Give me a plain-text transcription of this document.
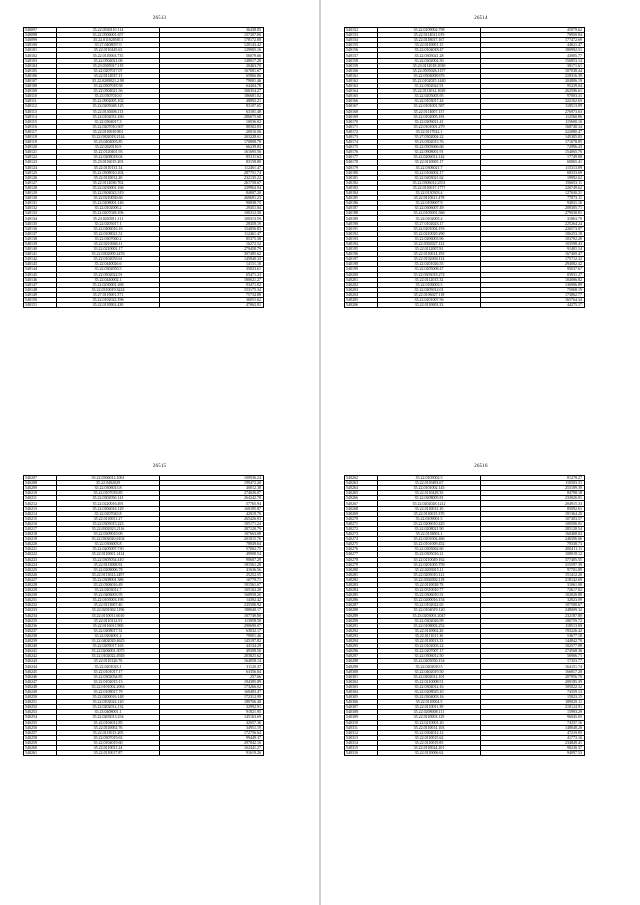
26513
540097	35.22.0540110 114	36438.85
540098	35.22.0506001.657	157207.06
540099	35.22.0110205013	178172.08
540100	35.27.0408057.0	120143.42
540101	35.22.0110445.63	129905.16
540102	35.22.0110003.735	56079.66
540103	35.22.0504021.06	148017.28
540104	35.23.0305017.119	20463.70
540105	35.22.0207017.07	167681.67
540106	35.22.0112037.13	65866.86
540107	35.22.0209021.2.90	79001.46
540108	35.22.0507018.58	64404.78
540109	35.22.0504021.56	166354.27
540110	35.23.0307010.0	186681.02
540111	35.22.0902005.102	48892.21
540112	35.22.0205048.125	83107.65
540113	35.22.0130406.113	63181.48
540114	35.22.0102031.430	286675.68
540115	35.22.0304017.3	10036.02
540116	35.22.0207010.307	88302.83
540117	35.22.0110010.801	20016.06
540118	35.22.0302018.2144	203228.61
540119	35.23.0404003.85	170808.78
540120	35.22.0420116.9	66239.83
540121	35.22.0120401.93	161695.56
540122	35.22.0208018.04	85311.63
540123	35.23.0116015.203	83158.80
540124	35.22.0110131.14	112461.47
540125	35.22.0508010.204	287751.74
540126	35.22.0110012.20	232135.22
540127	35.22.0112030.702	261758.67
540128	35.22.0230001.166	239964.94
540129	35.22.0304023.319	84007.20
540130	35.22.0210030.60	260691.23
540131	35.22.0208001.146	90838.75
540132	35.22.0102006.2	29451.84
540133	35.22.0207028.106	100312.58
540134	35.23.0203011.111	100313.59
540135	35.22.0205017.1	28458.19
540136	35.22.0406016.16	154056.83
540137	35.22.0108021.51	112461.47
540138	35.22.0307060.2	85375.38
540139	35.22.0210046.11	16272.52
540140	35.22.0210001.17	279458.79
540141	35.22.0302009.2476	307485.62
540142	35.22.0102033.61	145840.33
540143	35.22.0440026.6	14151.10
540144	35.22.0302050.5	35823.61
540145	35.22.0502022.91	65471.23
540146	35.22.0440002.1	180021.27
540147	35.22.0230001.268	93471.02
540148	35.22.0310019.3224	153175.34
540149	35.27.0115001.571	75734.88
540150	35.22.0102022.196	36051.62
540151	35.22.0110002.430	47062.81
26515
540207	35.22.0306012.1061	100936.24
540208	35.22.0402029	199472.20
540209	35.22.0306013.8	40012.38
540210	35.22.0107018.85	274026.07
540211	35.22.0302056.141	264242.78
540212	35.22.0220016.491	57765.94
540213	35.22.0306016.129	160185.87
540214	35.22.0207043.8	42019.70
540215	35.22.0110051.27	265426.93
540216	35.22.0305015.223	105171.24
540217	35.22.0302023.2116	287120.79
540218	35.22.0309010.09	107663.08
540219	35.22.0302020.6104	201015.76
540220	35.22.0306003.8	78849.64
540221	35.22.0205007.730	57002.75
540222	35.22.0110001.1414	49908.54
540223	35.22.0305054.410	90607.29
540224	35.22.0113008.92	181561.28
540225	35.22.0208006.78	41636.56
540226	35.22.0113023.2497	25252.55
540227	35.22.0308001.386	16779.71
540228	35.22.0306016.49	191561.67
540229	35.22.0203012.7	165102.28
540230	35.22.0406003.95	160958.26
540231	35.22.0105003.196	14392.42
540232	35.22.0113007.40	235500.92
540233	35.22.0201002.1196	188040.17
540234	35.22.0110011.6010	107749.80
540235	35.22.0110112.91	113958.50
540236	35.22.0116011.900	290690.07
540237	35.22.0208017.31	63032.17
540238	35.22.0204001.2	79001.46
540239	35.22.0402029.4625	145197.82
540240	35.22.0205017.165	44134.29
540241	35.22.0206001.3075	49308.56
540242	35.22.0102022.4926	203825.62
540243	35.22.0110126.76	164058.14
540244	35.22.0201023.1	31120.37
540245	35.22.0101017.17	63356.84
540246	35.22.0302034.85	257.66
540247	35.22.0102015.13	194385.89
540248	35.22.0101002.2063	173266.02
540249	35.22.0108017.79	160483.47
540250	35.22.0200016.148	172312.99
540251	35.22.0102022.120	180766.40
540252	35.22.0202012.132	32992.91
540253	35.23.0408001.1	91821.95
540254	35.22.0203013.254	145163.69
540255	35.22.0104012.85	42657.36
540256	35.22.0110002.76	34951.19
540257	35.22.0113013.205	172756.64
540258	35.22.0307019.63	99449.37
540259	35.22.0104019.60	297842.16
540260	35.22.0110011.24	162441.27
540261	35.22.0110017.87	91619.26
26514
540152	35.22.0109002.798	45979.62
540153	35.22.0114021.019	70950.84
540154	35.22.0118037.167	177472.69
540155	35.22.0110001.15	44621.47
540156	35.22.0104018.47	180992.51
540157	35.22.0305021.28	43005.77
540158	35.22.0302002.50	156853.14
540159	35.23.0112018.2030	30171.61
540160	35.22.0505026.1157	107038.44
540161	35.22.0504008.676	218316.39
540162	35.22.0102025.1440	204806.19
540163	35.22.0302022.91	95239.04
540164	35.22.0113012.1029	262596.61
540165	35.22.0205003.95	97003.31
540166	35.22.0103017.44	322162.65
540167	35.22.0101001.587	118513.09
540168	35.22.0114007.137	276973.63
540169	35.22.0102005.181	112560.86
540170	35.22.0209021.41	115600.16
540171	35.22.0101001.279	168748.34
540172	35.22.0117022.1	222080.47
540173	35.27.0302004.22	145305.83
540174	35.23.0302015.76	171678.85
540175	35.22.0505066.66	72996.43
540176	35.22.0908001.91	154065.76
540177	35.22.0206012.142	17749.88
540178	35.22.0110005.17	60065.41
540179	35.22.0306021.7	115313.09
540180	35.22.0106002.17	68333.69
540181	35.22.0203021.62	19992.62
540182	35.22.0306012.2551	156653.11
540183	35.22.0110017.1777	226749.62
540184	35.22.0130303.4	127630.21
540185	35.22.0110611.478	77073.11
540186	35.22.0109007.9	94031.16
540187	35.22.0306007.49	208305.71
540188	35.22.0105001.566	279038.81
540189	35.22.0102005.2	31863.79
540190	35.27.0102023.17	225264.24
540191	35.22.0201004.193	226573.97
540192	35.22.0210029.290	106253.18
540193	35.22.0206003.96	103702.28
540194	35.22.0302027.112	103598.43
540195	35.22.0112007.81	91401.14
540196	35.22.0110014.193	167469.47
540197	35.22.0102004.114	175712.32
540198	35.22.0201026.55	294082.42
540199	35.22.0205008.47	95037.67
540200	35.22.0303018.274	83931.27
540201	35.22.0112015.32	104086.82
540202	35.22.0106003.5	136906.89
540203	35.22.0205012.01	75068.19
540204	35.22.0106027.118	173862.77
540205	35.22.0201007.56	165764.34
540206	35.22.0110003.33	44275.17
26516
540262	35.22.0105002.5	81278.27
540263	35.22.0110483.67	110503.31
540264	35.22.0101002.145	253189.39
540265	35.22.0110429.35	84798.18
540266	35.22.0208005.81	233026.81
540267	35.22.0202028.1212	204915.33
540268	35.22.0110013.10	85092.61
540269	35.22.0110015.370	191364.20
540270	35.22.0109001.5	107403.57
540271	35.22.0206010.425	100506.91
540272	35.22.0208021.90	285120.54
540273	35.22.0118003.1	160468.03
540274	35.22.0201004.466	246506.06
540275	35.22.0101009.452	78338.73
540276	35.22.0305062.60	200411.11
540277	35.22.0305016.21	108018.12
540278	35.22.0210049.162	377405.55
540279	35.22.0201005.759	315597.39
540280	35.22.0203015.11	97701.89
540281	35.22.0205010.121	151412.20
540282	35.22.0302002.118	218142.69
540283	35.22.0110028.78	31061.08
540284	35.22.0310010.77	72617.82
540285	35.22.0306010.31	102020.88
540286	35.22.0200016.154	32023.09
540287	35.22.0102022.65	107580.67
540288	35.22.0104019.120	248009.32
540289	35.23.0203001.2047	232187.80
540290	35.22.0302026.99	106759.72
540291	35.22.0108002.252	118513.09
540292	35.22.0110002.26	193226.42
540293	35.22.0111011.30	53677.18
540294	35.22.0110013.33	144842.70
540295	35.22.0102003.22	102577.88
540296	35.22.0207007.17	274568.36
540297	35.22.0306012.50	56906.71
540298	35.22.0205050.154	17353.77
540299	35.22.0202010.5	164151.74
540300	35.22.0402019.50	166817.28
540301	35.22.0202012.101	207956.70
540302	35.22.0210008.51	200185.39
540303	35.22.0304012.16	105022.32
540304	35.22.0208025.10	74359.13
540305	35.22.0304003.16	15023.15
540306	35.22.0110004.5	189029.11
540307	35.22.0110011.39	210124.91
540308	35.22.0208008.111	15993.29
540309	35.22.0110003.129	96045.05
540310	35.22.0210001.20	74337.16
540311	35.22.0110014.103	148048.20
540312	35.22.0304012.12	47219.05
540313	35.22.0110015.62	41773.16
540314	35.22.0110019.85	234849.41
540315	35.22.0110024.201	90230.37
540316	35.22.0110006.62	94097.53
